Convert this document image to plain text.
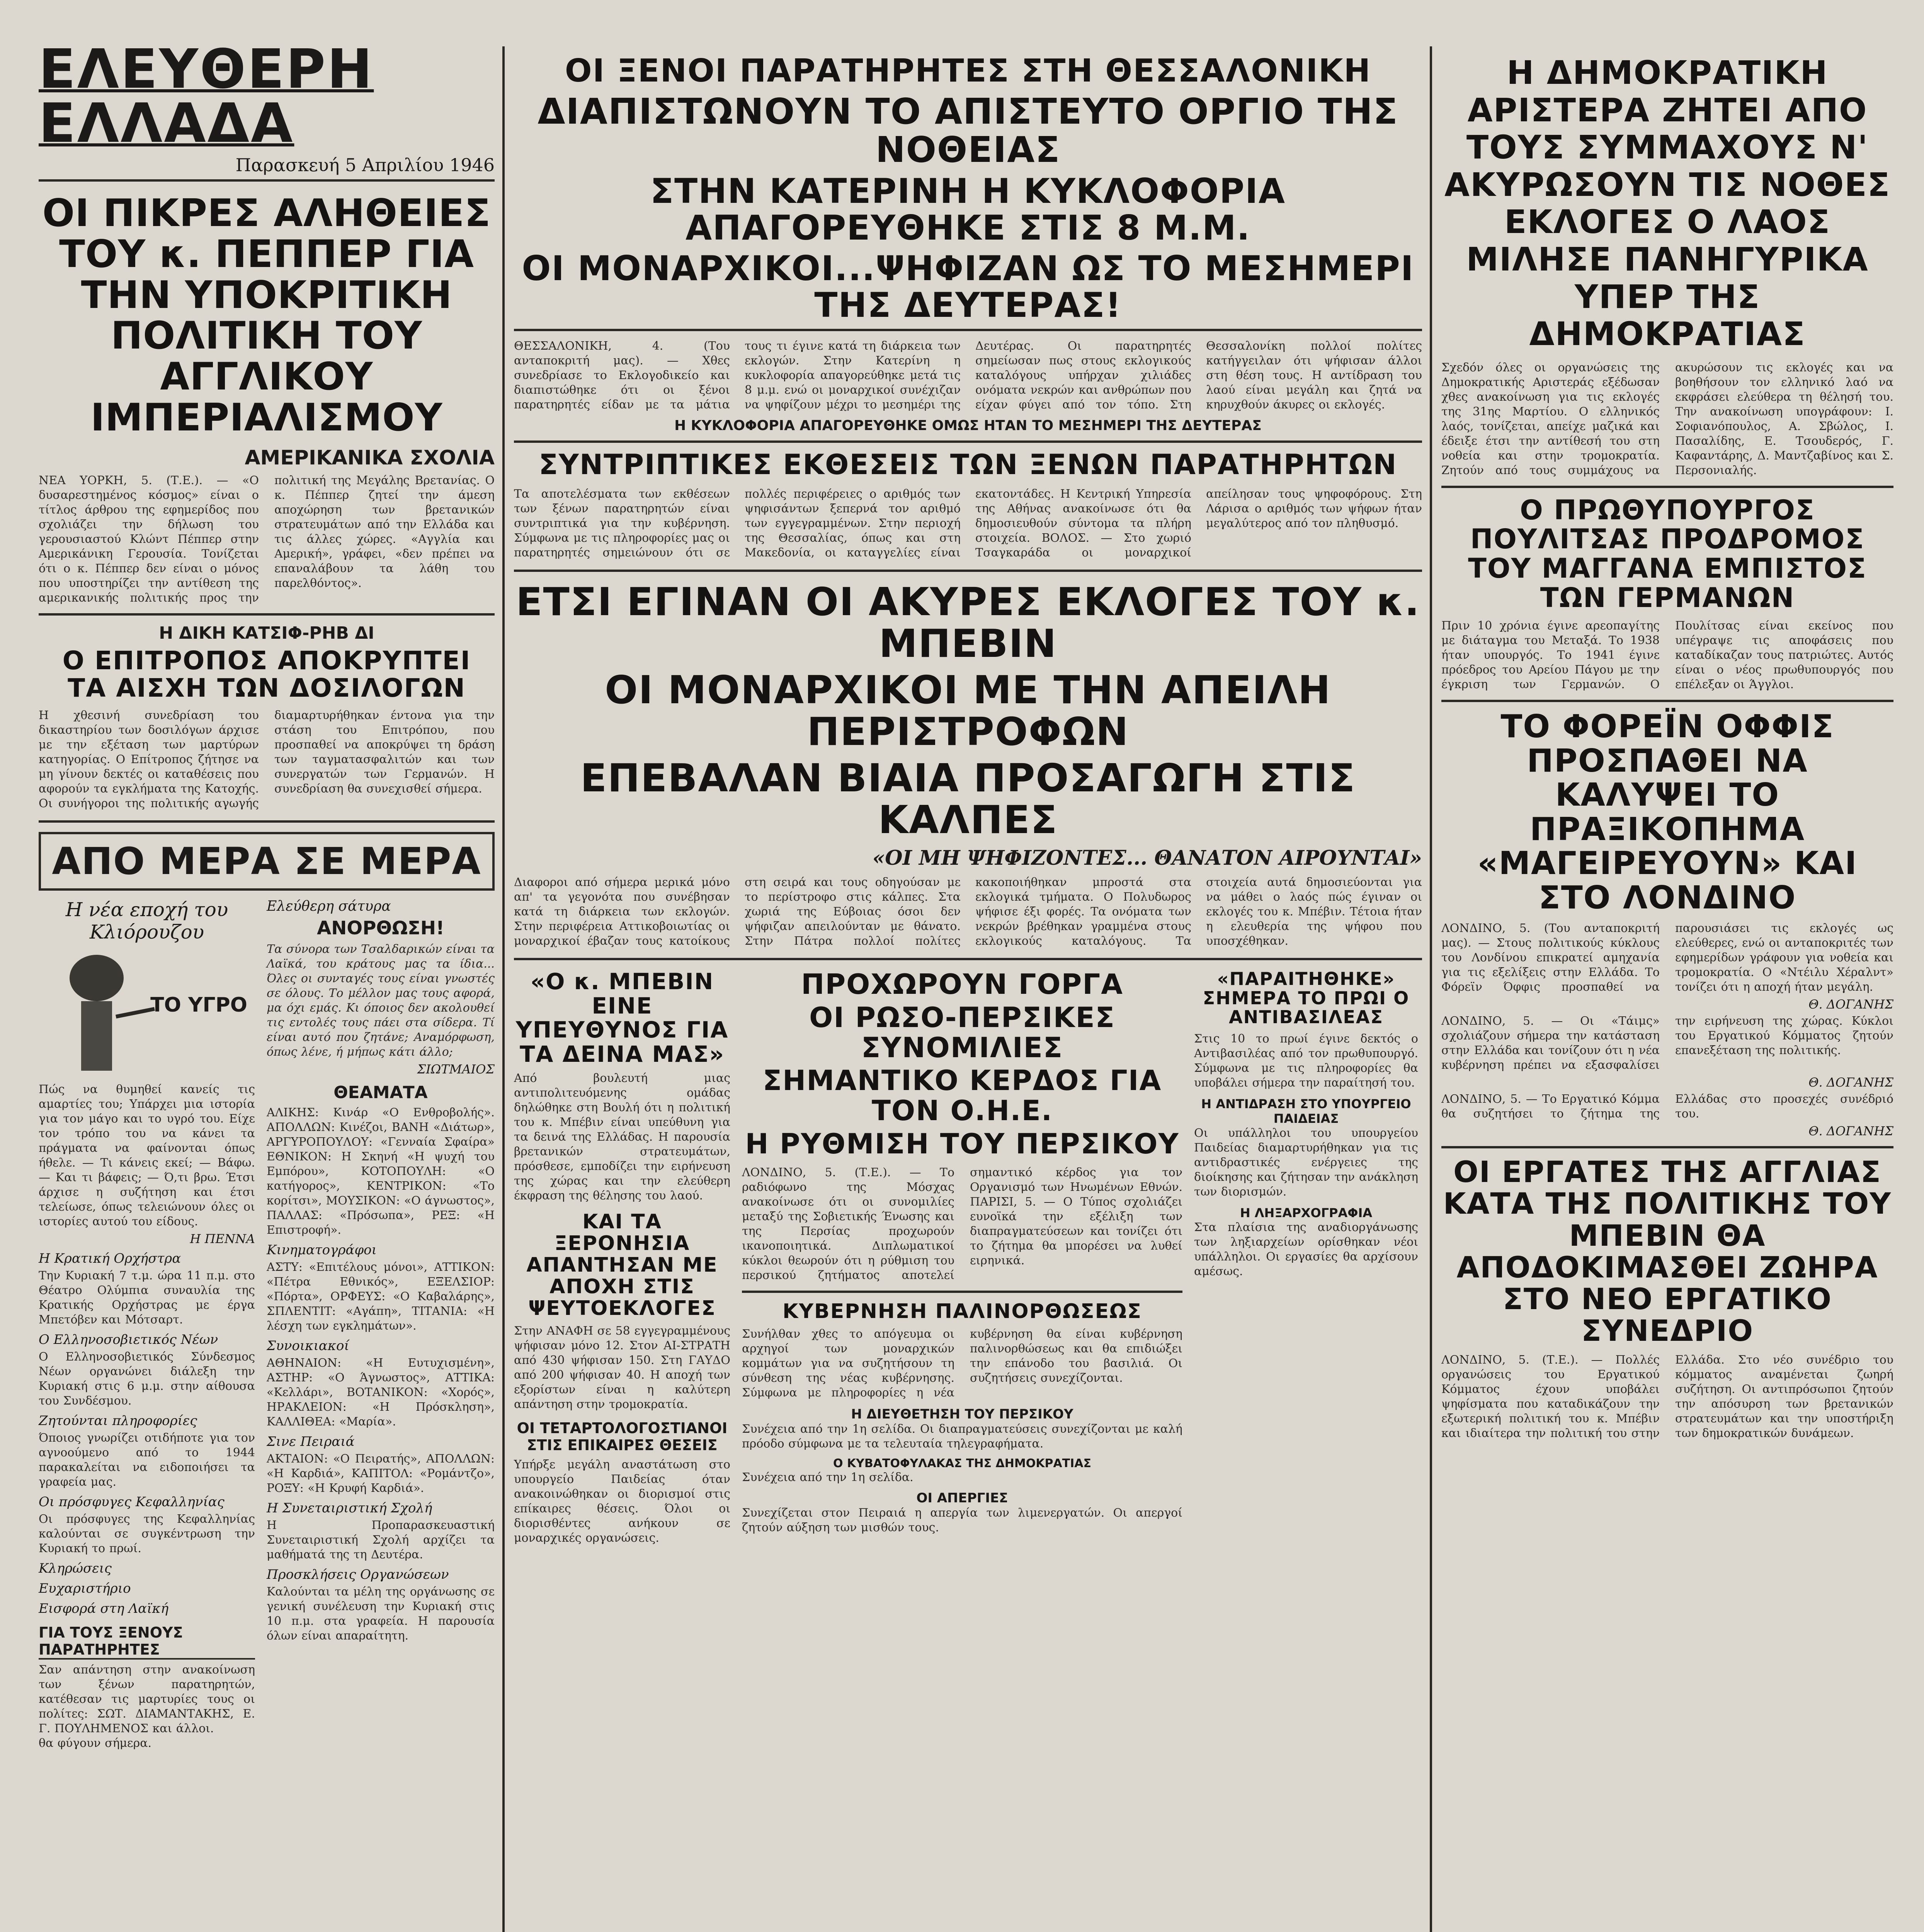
ΕΛΕΥΘΕΡΗ ΕΛΛΑΔΑ
Παρασκευή 5 Απριλίου 1946
ΟΙ ΠΙΚΡΕΣ ΑΛΗΘΕΙΕΣ ΤΟΥ κ. ΠΕΠΠΕΡ ΓΙΑ ΤΗΝ ΥΠΟΚΡΙΤΙΚΗ ΠΟΛΙΤΙΚΗ ΤΟΥ ΑΓΓΛΙΚΟΥ ΙΜΠΕΡΙΑΛΙΣΜΟΥ
ΑΜΕΡΙΚΑΝΙΚΑ ΣΧΟΛΙΑ

ΝΕΑ ΥΟΡΚΗ, 5. (Τ.Ε.). — «Ο δυσαρεστημένος κόσμος» είναι ο τίτλος άρθρου της εφημερίδος που σχολιάζει την δήλωση του γερουσιαστού Κλώντ Πέππερ στην Αμερικάνικη Γερουσία. Τονίζεται ότι ο κ. Πέππερ δεν είναι ο μόνος που υποστηρίζει την αντίθεση της αμερικανικής πολιτικής προς την πολιτική της Μεγάλης Βρετανίας. Ο κ. Πέππερ ζητεί την άμεση αποχώρηση των βρετανικών στρατευμάτων από την Ελλάδα και τις άλλες χώρες. «Αγγλία και Αμερική», γράφει, «δεν πρέπει να επαναλάβουν τα λάθη του παρελθόντος».

Η ΔΙΚΗ ΚΑΤΣΙΦ-ΡΗΒ ΔΙ
Ο ΕΠΙΤΡΟΠΟΣ ΑΠΟΚΡΥΠΤΕΙ ΤΑ ΑΙΣΧΗ ΤΩΝ ΔΟΣΙΛΟΓΩΝ

Η χθεσινή συνεδρίαση του δικαστηρίου των δοσιλόγων άρχισε με την εξέταση των μαρτύρων κατηγορίας. Ο Επίτροπος ζήτησε να μη γίνουν δεκτές οι καταθέσεις που αφορούν τα εγκλήματα της Κατοχής. Οι συνήγοροι της πολιτικής αγωγής διαμαρτυρήθηκαν έντονα για την στάση του Επιτρόπου, που προσπαθεί να αποκρύψει τη δράση των ταγματασφαλιτών και των συνεργατών των Γερμανών. Η συνεδρίαση θα συνεχισθεί σήμερα.

ΑΠΟ ΜΕΡΑ ΣΕ ΜΕΡΑ
Η νέα εποχή του Κλιόρουζου
ΤΟ ΥΓΡΟ

Πώς να θυμηθεί κανείς τις αμαρτίες του; Υπάρχει μια ιστορία για τον μάγο και το υγρό του. Είχε τον τρόπο του να κάνει τα πράγματα να φαίνονται όπως ήθελε. — Τι κάνεις εκεί; — Βάφω. — Και τι βάφεις; — Ό,τι βρω. Έτσι άρχισε η συζήτηση και έτσι τελείωσε, όπως τελειώνουν όλες οι ιστορίες αυτού του είδους.

Η ΠΕΝΝΑ
Η Κρατική Ορχήστρα

Την Κυριακή 7 τ.μ. ώρα 11 π.μ. στο Θέατρο Ολύμπια συναυλία της Κρατικής Ορχήστρας με έργα Μπετόβεν και Μότσαρτ.

Ο Ελληνοσοβιετικός Νέων

Ο Ελληνοσοβιετικός Σύνδεσμος Νέων οργανώνει διάλεξη την Κυριακή στις 6 μ.μ. στην αίθουσα του Συνδέσμου.

Ζητούνται πληροφορίες

Όποιος γνωρίζει οτιδήποτε για τον αγνοούμενο από το 1944 παρακαλείται να ειδοποιήσει τα γραφεία μας.

Οι πρόσφυγες Κεφαλληνίας

Οι πρόσφυγες της Κεφαλληνίας καλούνται σε συγκέντρωση την Κυριακή το πρωί.

Κληρώσεις
Ευχαριστήριο
Εισφορά στη Λαϊκή
ΓΙΑ ΤΟΥΣ ΞΕΝΟΥΣ ΠΑΡΑΤΗΡΗΤΕΣ

Σαν απάντηση στην ανακοίνωση των ξένων παρατηρητών, κατέθεσαν τις μαρτυρίες τους οι πολίτες: ΣΩΤ. ΔΙΑΜΑΝΤΑΚΗΣ, Ε. Γ. ΠΟΥΛΗΜΕΝΟΣ και άλλοι.

θα φύγουν σήμερα.

Ελεύθερη σάτυρα
ΑΝΟΡΘΩΣΗ!

Τα σύνορα των Τσαλδαρικών είναι τα Λαϊκά, του κράτους μας τα ίδια... Όλες οι συνταγές τους είναι γνωστές σε όλους. Το μέλλον μας τους αφορά, μα όχι εμάς. Κι όποιος δεν ακολουθεί τις εντολές τους πάει στα σίδερα. Τί είναι αυτό που ζητάνε; Αναμόρφωση, όπως λένε, ή μήπως κάτι άλλο;

ΣΙΩΤΜΑΙΟΣ
ΘΕΑΜΑΤΑ

ΑΛΙΚΗΣ: Κινάρ «Ο Ενθροβολής». ΑΠΟΛΛΩΝ: Κινέζοι, ΒΑΝΗ «Διάτωρ», ΑΡΓΥΡΟΠΟΥΛΟΥ: «Γενναία Σφαίρα» ΕΘΝΙΚΟΝ: Η Σκηνή «Η ψυχή του Εμπόρου», ΚΟΤΟΠΟΥΛΗ: «Ο κατήγορος», ΚΕΝΤΡΙΚΟΝ: «Το κορίτσι», ΜΟΥΣΙΚΟΝ: «Ο άγνωστος», ΠΑΛΛΑΣ: «Πρόσωπα», ΡΕΞ: «Η Επιστροφή».

Κινηματογράφοι

ΑΣΤΥ: «Επιτέλους μόνοι», ΑΤΤΙΚΟΝ: «Πέτρα Εθνικός», ΕΞΕΛΣΙΟΡ: «Πόρτα», ΟΡΦΕΥΣ: «Ο Καβαλάρης», ΣΠΛΕΝΤΙΤ: «Αγάπη», ΤΙΤΑΝΙΑ: «Η λέσχη των εγκλημάτων».

Συνοικιακοί

ΑΘΗΝΑΙΟΝ: «Η Ευτυχισμένη», ΑΣΤΗΡ: «Ο Άγνωστος», ΑΤΤΙΚΑ: «Κελλάρι», ΒΟΤΑΝΙΚΟΝ: «Χορός», ΗΡΑΚΛΕΙΟΝ: «Η Πρόσκληση», ΚΑΛΛΙΘΕΑ: «Μαρία».

Σινε Πειραιά

ΑΚΤΑΙΟΝ: «Ο Πειρατής», ΑΠΟΛΛΩΝ: «Η Καρδιά», ΚΑΠΙΤΟΛ: «Ρομάντζο», ΡΟΞΥ: «Η Κρυφή Καρδιά».

Η Συνεταιριστική Σχολή

Η Προπαρασκευαστική Συνεταιριστική Σχολή αρχίζει τα μαθήματά της τη Δευτέρα.

Προσκλήσεις Οργανώσεων

Καλούνται τα μέλη της οργάνωσης σε γενική συνέλευση την Κυριακή στις 10 π.μ. στα γραφεία. Η παρουσία όλων είναι απαραίτητη.

ΟΙ ΞΕΝΟΙ ΠΑΡΑΤΗΡΗΤΕΣ ΣΤΗ ΘΕΣΣΑΛΟΝΙΚΗ
ΔΙΑΠΙΣΤΩΝΟΥΝ ΤΟ ΑΠΙΣΤΕΥΤΟ ΟΡΓΙΟ ΤΗΣ ΝΟΘΕΙΑΣ
ΣΤΗΝ ΚΑΤΕΡΙΝΗ Η ΚΥΚΛΟΦΟΡΙΑ ΑΠΑΓΟΡΕΥΘΗΚΕ ΣΤΙΣ 8 Μ.Μ.
ΟΙ ΜΟΝΑΡΧΙΚΟΙ...ΨΗΦΙΖΑΝ ΩΣ ΤΟ ΜΕΣΗΜΕΡΙ ΤΗΣ ΔΕΥΤΕΡΑΣ!

ΘΕΣΣΑΛΟΝΙΚΗ, 4. (Του ανταποκριτή μας). — Χθες συνεδρίασε το Εκλογοδικείο και διαπιστώθηκε ότι οι ξένοι παρατηρητές είδαν με τα μάτια τους τι έγινε κατά τη διάρκεια των εκλογών. Στην Κατερίνη η κυκλοφορία απαγορεύθηκε μετά τις 8 μ.μ. ενώ οι μοναρχικοί συνέχιζαν να ψηφίζουν μέχρι το μεσημέρι της Δευτέρας. Οι παρατηρητές σημείωσαν πως στους εκλογικούς καταλόγους υπήρχαν χιλιάδες ονόματα νεκρών και ανθρώπων που είχαν φύγει από τον τόπο. Στη Θεσσαλονίκη πολλοί πολίτες κατήγγειλαν ότι ψήφισαν άλλοι στη θέση τους. Η αντίδραση του λαού είναι μεγάλη και ζητά να κηρυχθούν άκυρες οι εκλογές.

Η ΚΥΚΛΟΦΟΡΙΑ ΑΠΑΓΟΡΕΥΘΗΚΕ ΟΜΩΣ ΗΤΑΝ ΤΟ ΜΕΣΗΜΕΡΙ ΤΗΣ ΔΕΥΤΕΡΑΣ
ΣΥΝΤΡΙΠΤΙΚΕΣ ΕΚΘΕΣΕΙΣ ΤΩΝ ΞΕΝΩΝ ΠΑΡΑΤΗΡΗΤΩΝ

Τα αποτελέσματα των εκθέσεων των ξένων παρατηρητών είναι συντριπτικά για την κυβέρνηση. Σύμφωνα με τις πληροφορίες μας οι παρατηρητές σημειώνουν ότι σε πολλές περιφέρειες ο αριθμός των ψηφισάντων ξεπερνά τον αριθμό των εγγεγραμμένων. Στην περιοχή της Θεσσαλίας, όπως και στη Μακεδονία, οι καταγγελίες είναι εκατοντάδες. Η Κεντρική Υπηρεσία της Αθήνας ανακοίνωσε ότι θα δημοσιευθούν σύντομα τα πλήρη στοιχεία. ΒΟΛΟΣ. — Στο χωριό Τσαγκαράδα οι μοναρχικοί απείλησαν τους ψηφοφόρους. Στη Λάρισα ο αριθμός των ψήφων ήταν μεγαλύτερος από τον πληθυσμό.

ΕΤΣΙ ΕΓΙΝΑΝ ΟΙ ΑΚΥΡΕΣ ΕΚΛΟΓΕΣ ΤΟΥ κ. ΜΠΕΒΙΝ
ΟΙ ΜΟΝΑΡΧΙΚΟΙ ΜΕ ΤΗΝ ΑΠΕΙΛΗ ΠΕΡΙΣΤΡΟΦΩΝ
ΕΠΕΒΑΛΑΝ ΒΙΑΙΑ ΠΡΟΣΑΓΩΓΗ ΣΤΙΣ ΚΑΛΠΕΣ
«ΟΙ ΜΗ ΨΗΦΙΖΟΝΤΕΣ... ΘΑΝΑΤΟΝ ΑΙΡΟΥΝΤΑΙ»

Διαφοροι από σήμερα μερικά μόνο απ' τα γεγονότα που συνέβησαν κατά τη διάρκεια των εκλογών. Στην περιφέρεια Αττικοβοιωτίας οι μοναρχικοί έβαζαν τους κατοίκους στη σειρά και τους οδηγούσαν με το περίστροφο στις κάλπες. Στα χωριά της Εύβοιας όσοι δεν ψήφιζαν απειλούνταν με θάνατο. Στην Πάτρα πολλοί πολίτες κακοποιήθηκαν μπροστά στα εκλογικά τμήματα. Ο Πολυδωρος ψήφισε έξι φορές. Τα ονόματα των νεκρών βρέθηκαν γραμμένα στους εκλογικούς καταλόγους. Τα στοιχεία αυτά δημοσιεύονται για να μάθει ο λαός πώς έγιναν οι εκλογές του κ. Μπέβιν. Τέτοια ήταν η ελευθερία της ψήφου που υποσχέθηκαν.

«Ο κ. ΜΠΕΒΙΝ ΕΙΝΕ ΥΠΕΥΘΥΝΟΣ ΓΙΑ ΤΑ ΔΕΙΝΑ ΜΑΣ»

Από βουλευτή μιας αντιπολιτευόμενης ομάδας δηλώθηκε στη Βουλή ότι η πολιτική του κ. Μπέβιν είναι υπεύθυνη για τα δεινά της Ελλάδας. Η παρουσία βρετανικών στρατευμάτων, πρόσθεσε, εμποδίζει την ειρήνευση της χώρας και την ελεύθερη έκφραση της θέλησης του λαού.

ΚΑΙ ΤΑ ΞΕΡΟΝΗΣΙΑ ΑΠΑΝΤΗΣΑΝ ΜΕ ΑΠΟΧΗ ΣΤΙΣ ΨΕΥΤΟΕΚΛΟΓΕΣ

Στην ΑΝΑΦΗ σε 58 εγγεγραμμένους ψήφισαν μόνο 12. Στον ΑΙ-ΣΤΡΑΤΗ από 430 ψήφισαν 150. Στη ΓΑΥΔΟ από 200 ψήφισαν 40. Η αποχή των εξορίστων είναι η καλύτερη απάντηση στην τρομοκρατία.

ΟΙ ΤΕΤΑΡΤΟΛΟΓΟΣΤΙΑΝΟΙ ΣΤΙΣ ΕΠΙΚΑΙΡΕΣ ΘΕΣΕΙΣ

Υπήρξε μεγάλη αναστάτωση στο υπουργείο Παιδείας όταν ανακοινώθηκαν οι διορισμοί στις επίκαιρες θέσεις. Όλοι οι διορισθέντες ανήκουν σε μοναρχικές οργανώσεις.

ΠΡΟΧΩΡΟΥΝ ΓΟΡΓΑ
ΟΙ ΡΩΣΟ-ΠΕΡΣΙΚΕΣ ΣΥΝΟΜΙΛΙΕΣ
ΣΗΜΑΝΤΙΚΟ ΚΕΡΔΟΣ ΓΙΑ ΤΟΝ Ο.Η.Ε.
Η ΡΥΘΜΙΣΗ ΤΟΥ ΠΕΡΣΙΚΟΥ

ΛΟΝΔΙΝΟ, 5. (Τ.Ε.). — Το ραδιόφωνο της Μόσχας ανακοίνωσε ότι οι συνομιλίες μεταξύ της Σοβιετικής Ένωσης και της Περσίας προχωρούν ικανοποιητικά. Διπλωματικοί κύκλοι θεωρούν ότι η ρύθμιση του περσικού ζητήματος αποτελεί σημαντικό κέρδος για τον Οργανισμό των Ηνωμένων Εθνών. ΠΑΡΙΣΙ, 5. — Ο Τύπος σχολιάζει ευνοϊκά την εξέλιξη των διαπραγματεύσεων και τονίζει ότι το ζήτημα θα μπορέσει να λυθεί ειρηνικά.

ΚΥΒΕΡΝΗΣΗ ΠΑΛΙΝΟΡΘΩΣΕΩΣ

Συνήλθαν χθες το απόγευμα οι αρχηγοί των μοναρχικών κομμάτων για να συζητήσουν τη σύνθεση της νέας κυβέρνησης. Σύμφωνα με πληροφορίες η νέα κυβέρνηση θα είναι κυβέρνηση παλινορθώσεως και θα επιδιώξει την επάνοδο του βασιλιά. Οι συζητήσεις συνεχίζονται.

Η ΔΙΕΥΘΕΤΗΣΗ ΤΟΥ ΠΕΡΣΙΚΟΥ

Συνέχεια από την 1η σελίδα. Οι διαπραγματεύσεις συνεχίζονται με καλή πρόοδο σύμφωνα με τα τελευταία τηλεγραφήματα.

Ο ΚΥΒΑΤΟΦΥΛΑΚΑΣ ΤΗΣ ΔΗΜΟΚΡΑΤΙΑΣ

Συνέχεια από την 1η σελίδα.

ΟΙ ΑΠΕΡΓΙΕΣ

Συνεχίζεται στον Πειραιά η απεργία των λιμενεργατών. Οι απεργοί ζητούν αύξηση των μισθών τους.

«ΠΑΡΑΙΤΗΘΗΚΕ» ΣΗΜΕΡΑ ΤΟ ΠΡΩΙ Ο ΑΝΤΙΒΑΣΙΛΕΑΣ

Στις 10 το πρωί έγινε δεκτός ο Αντιβασιλέας από τον πρωθυπουργό. Σύμφωνα με τις πληροφορίες θα υποβάλει σήμερα την παραίτησή του.

Η ΑΝΤΙΔΡΑΣΗ ΣΤΟ ΥΠΟΥΡΓΕΙΟ ΠΑΙΔΕΙΑΣ

Οι υπάλληλοι του υπουργείου Παιδείας διαμαρτυρήθηκαν για τις αντιδραστικές ενέργειες της διοίκησης και ζήτησαν την ανάκληση των διορισμών.

Η ΛΗΞΑΡΧΟΓΡΑΦΙΑ

Στα πλαίσια της αναδιοργάνωσης των ληξιαρχείων ορίσθηκαν νέοι υπάλληλοι. Οι εργασίες θα αρχίσουν αμέσως.

Η ΔΗΜΟΚΡΑΤΙΚΗ ΑΡΙΣΤΕΡΑ ΖΗΤΕΙ ΑΠΟ ΤΟΥΣ ΣΥΜΜΑΧΟΥΣ Ν' ΑΚΥΡΩΣΟΥΝ ΤΙΣ ΝΟΘΕΣ ΕΚΛΟΓΕΣ Ο ΛΑΟΣ ΜΙΛΗΣΕ ΠΑΝΗΓΥΡΙΚΑ ΥΠΕΡ ΤΗΣ ΔΗΜΟΚΡΑΤΙΑΣ

Σχεδόν όλες οι οργανώσεις της Δημοκρατικής Αριστεράς εξέδωσαν χθες ανακοίνωση για τις εκλογές της 31ης Μαρτίου. Ο ελληνικός λαός, τονίζεται, απείχε μαζικά και έδειξε έτσι την αντίθεσή του στη νοθεία και στην τρομοκρατία. Ζητούν από τους συμμάχους να ακυρώσουν τις εκλογές και να βοηθήσουν τον ελληνικό λαό να εκφράσει ελεύθερα τη θέλησή του. Την ανακοίνωση υπογράφουν: Ι. Σοφιανόπουλος, Α. Σβώλος, Ι. Πασαλίδης, Ε. Τσουδερός, Γ. Καφαντάρης, Δ. Μαντζαβίνος και Σ. Περσονιαλής.

Ο ΠΡΩΘΥΠΟΥΡΓΟΣ ΠΟΥΛΙΤΣΑΣ ΠΡΟΔΡΟΜΟΣ ΤΟΥ ΜΑΓΓΑΝΑ ΕΜΠΙΣΤΟΣ ΤΩΝ ΓΕΡΜΑΝΩΝ

Πριν 10 χρόνια έγινε αρεοπαγίτης με διάταγμα του Μεταξά. Το 1938 ήταν υπουργός. Το 1941 έγινε πρόεδρος του Αρείου Πάγου με την έγκριση των Γερμανών. Ο Πουλίτσας είναι εκείνος που υπέγραψε τις αποφάσεις που καταδίκαζαν τους πατριώτες. Αυτός είναι ο νέος πρωθυπουργός που επέλεξαν οι Άγγλοι.

ΤΟ ΦΟΡΕΪΝ ΟΦΦΙΣ ΠΡΟΣΠΑΘΕΙ ΝΑ ΚΑΛΥΨΕΙ ΤΟ ΠΡΑΞΙΚΟΠΗΜΑ «ΜΑΓΕΙΡΕΥΟΥΝ» ΚΑΙ ΣΤΟ ΛΟΝΔΙΝΟ

ΛΟΝΔΙΝΟ, 5. (Του ανταποκριτή μας). — Στους πολιτικούς κύκλους του Λονδίνου επικρατεί αμηχανία για τις εξελίξεις στην Ελλάδα. Το Φόρεϊν Όφφις προσπαθεί να παρουσιάσει τις εκλογές ως ελεύθερες, ενώ οι ανταποκριτές των εφημερίδων γράφουν για νοθεία και τρομοκρατία. Ο «Ντέιλυ Χέραλντ» τονίζει ότι η αποχή ήταν μεγάλη.

Θ. ΔΟΓΑΝΗΣ

ΛΟΝΔΙΝΟ, 5. — Οι «Τάιμς» σχολιάζουν σήμερα την κατάσταση στην Ελλάδα και τονίζουν ότι η νέα κυβέρνηση πρέπει να εξασφαλίσει την ειρήνευση της χώρας. Κύκλοι του Εργατικού Κόμματος ζητούν επανεξέταση της πολιτικής.

Θ. ΔΟΓΑΝΗΣ

ΛΟΝΔΙΝΟ, 5. — Το Εργατικό Κόμμα θα συζητήσει το ζήτημα της Ελλάδας στο προσεχές συνέδριό του.

Θ. ΔΟΓΑΝΗΣ
ΟΙ ΕΡΓΑΤΕΣ ΤΗΣ ΑΓΓΛΙΑΣ ΚΑΤΑ ΤΗΣ ΠΟΛΙΤΙΚΗΣ ΤΟΥ ΜΠΕΒΙΝ ΘΑ ΑΠΟΔΟΚΙΜΑΣΘΕΙ ΖΩΗΡΑ ΣΤΟ ΝΕΟ ΕΡΓΑΤΙΚΟ ΣΥΝΕΔΡΙΟ

ΛΟΝΔΙΝΟ, 5. (Τ.Ε.). — Πολλές οργανώσεις του Εργατικού Κόμματος έχουν υποβάλει ψηφίσματα που καταδικάζουν την εξωτερική πολιτική του κ. Μπέβιν και ιδιαίτερα την πολιτική του στην Ελλάδα. Στο νέο συνέδριο του κόμματος αναμένεται ζωηρή συζήτηση. Οι αντιπρόσωποι ζητούν την απόσυρση των βρετανικών στρατευμάτων και την υποστήριξη των δημοκρατικών δυνάμεων.
